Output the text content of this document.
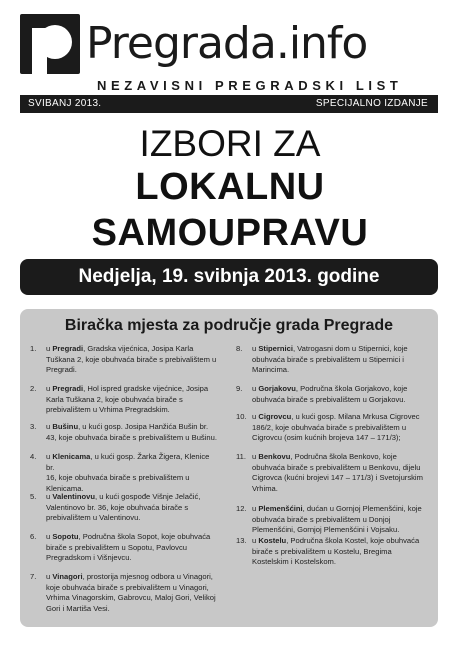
Pregrada.info
NEZAVISNI PREGRADSKI LIST
SVIBANJ 2013.	SPECIJALNO IZDANJE
IZBORI ZA
LOKALNU
SAMOUPRAVU
Nedjelja, 19. svibnja 2013. godine
Biračka mjesta za područje grada Pregrade
1.	u Pregradi, Gradska vijećnica, Josipa Karla
Tuškana 2, koje obuhvaća birače s prebivalištem u
Pregradi.
2.	u Pregradi, Hol ispred gradske vijećnice, Josipa
Karla Tuškana 2, koje obuhvaća birače s
prebivalištem u Vrhima Pregradskim.
3.	u Bušinu, u kući gosp. Josipa Hanžića Bušin br.
43, koje obuhvaća birače s prebivalištem u Bušinu.
4.	u Klenicama, u kući gosp. Žarka Žigera, Klenice br.
16, koje obuhvaća birače s prebivalištem u
Klenicama.
5.	u Valentinovu, u kući gospođe Višnje Jelačić,
Valentinovo br. 36, koje obuhvaća birače s
prebivalištem u Valentinovu.
6.	u Sopotu, Područna škola Sopot, koje obuhvaća
birače s prebivalištem u Sopotu, Pavlovcu
Pregradskom i Višnjevcu.
7.	u Vinagori, prostorija mjesnog odbora u Vinagori,
koje obuhvaća birače s prebivalištem u Vinagori,
Vrhima Vinagorskim, Gabrovcu, Maloj Gori, Velikoj
Gori i Martiša Vesi.
8.	u Stipernici, Vatrogasni dom u Stipernici, koje
obuhvaća birače s prebivalištem u Stipernici i
Marincima.
9.	u Gorjakovu, Područna škola Gorjakovo, koje
obuhvaća birače s prebivalištem u Gorjakovu.
10. u Cigrovcu, u kući gosp. Milana Mrkusa Cigrovec
186/2, koje obuhvaća birače s prebivalištem u
Cigrovcu (osim kućnih brojeva 147 – 171/3);
11. u Benkovu, Područna škola Benkovo, koje
obuhvaća birače s prebivalištem u Benkovu, dijelu
Cigrovca (kućni brojevi 147 – 171/3) i Svetojurskim
Vrhima.
12. u Plemenšćini, dućan u Gornjoj Plemenšćini, koje
obuhvaća birače s prebivalištem u Donjoj
Plemenšćini, Gornjoj Plemenšćini i Vojsaku.
13. u Kostelu, Područna škola Kostel, koje obuhvaća
birače s prebivalištem u Kostelu, Bregima
Kostelskim i Kostelskom.
